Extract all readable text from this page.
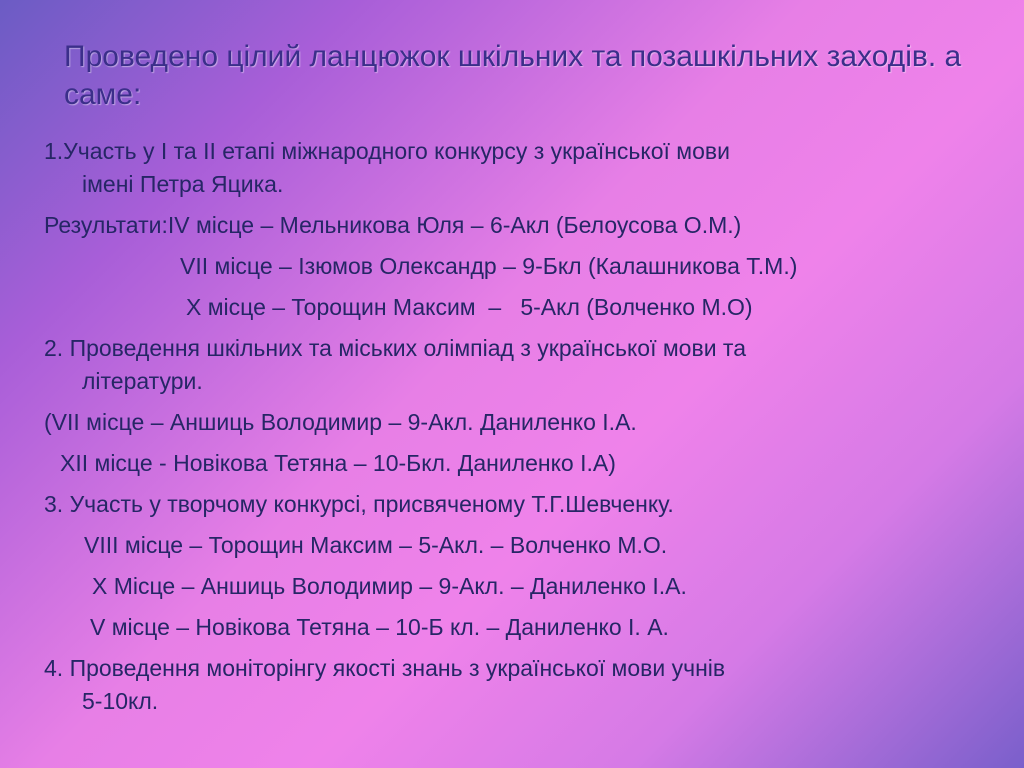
Проведено цілий ланцюжок шкільних та позашкільних заходів. а саме:

1.Участь у І та ІІ етапі міжнародного конкурсу з української мови

імені Петра Яцика.

Результати:ІV місце – Мельникова Юля – 6-Акл (Белоусова О.М.)

VІІ місце – Ізюмов Олександр – 9-Бкл (Калашникова Т.М.)

Х місце – Торощин Максим  –   5-Акл (Волченко М.О)

2. Проведення шкільних та міських олімпіад з української мови та

літератури.

(VІІ місце – Аншиць Володимир – 9-Акл. Даниленко І.А.

ХІІ місце - Новікова Тетяна – 10-Бкл. Даниленко І.А)

3. Участь у творчому конкурсі, присвяченому Т.Г.Шевченку.

VІІІ місце – Торощин Максим – 5-Акл. – Волченко М.О.

Х Місце – Аншиць Володимир – 9-Акл. – Даниленко І.А.

V місце – Новікова Тетяна – 10-Б кл. – Даниленко І. А.

4. Проведення моніторінгу якості знань з української мови учнів

5-10кл.
